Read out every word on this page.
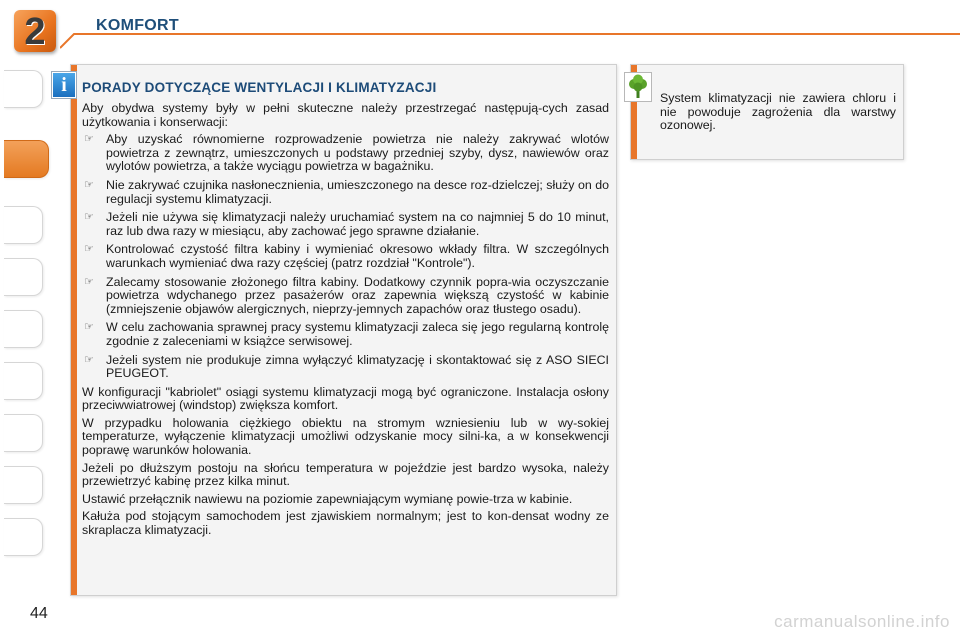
2	KOMFORT
i	PORADY DOTYCZĄCE WENTYLACJI I KLIMATYZACJI

Aby obydwa systemy były w pełni skuteczne należy przestrzegać następują-cych zasad użytkowania i konserwacji:

☞ Aby uzyskać równomierne rozprowadzenie powietrza nie należy zakrywać wlotów powietrza z zewnątrz, umieszczonych u podstawy przedniej szyby, dysz, nawiewów oraz wylotów powietrza, a także wyciągu powietrza w bagażniku.
☞ Nie zakrywać czujnika nasłonecznienia, umieszczonego na desce roz-dzielczej; służy on do regulacji systemu klimatyzacji.
☞ Jeżeli nie używa się klimatyzacji należy uruchamiać system na co najmniej 5 do 10 minut, raz lub dwa razy w miesiącu, aby zachować jego sprawne działanie.
☞ Kontrolować czystość filtra kabiny i wymieniać okresowo wkłady filtra. W szczególnych warunkach wymieniać dwa razy częściej (patrz rozdział "Kontrole").
☞ Zalecamy stosowanie złożonego filtra kabiny. Dodatkowy czynnik popra-wia oczyszczanie powietrza wdychanego przez pasażerów oraz zapewnia większą czystość w kabinie (zmniejszenie objawów alergicznych, nieprzy-jemnych zapachów oraz tłustego osadu).
☞ W celu zachowania sprawnej pracy systemu klimatyzacji zaleca się jego regularną kontrolę zgodnie z zaleceniami w książce serwisowej.
☞ Jeżeli system nie produkuje zimna wyłączyć klimatyzację i skontaktować się z ASO SIECI PEUGEOT.

W konfiguracji "kabriolet" osiągi systemu klimatyzacji mogą być ograniczone. Instalacja osłony przeciwwiatrowej (windstop) zwiększa komfort.

W przypadku holowania ciężkiego obiektu na stromym wzniesieniu lub w wy-sokiej temperaturze, wyłączenie klimatyzacji umożliwi odzyskanie mocy silni-ka, a w konsekwencji poprawę warunków holowania.

Jeżeli po dłuższym postoju na słońcu temperatura w pojeździe jest bardzo wysoka, należy przewietrzyć kabinę przez kilka minut.

Ustawić przełącznik nawiewu na poziomie zapewniającym wymianę powie-trza w kabinie.

Kałuża pod stojącym samochodem jest zjawiskiem normalnym; jest to kon-densat wodny ze skraplacza klimatyzacji.

System klimatyzacji nie zawiera chloru i nie powoduje zagrożenia dla warstwy ozonowej.
44	carmanualsonline.info
